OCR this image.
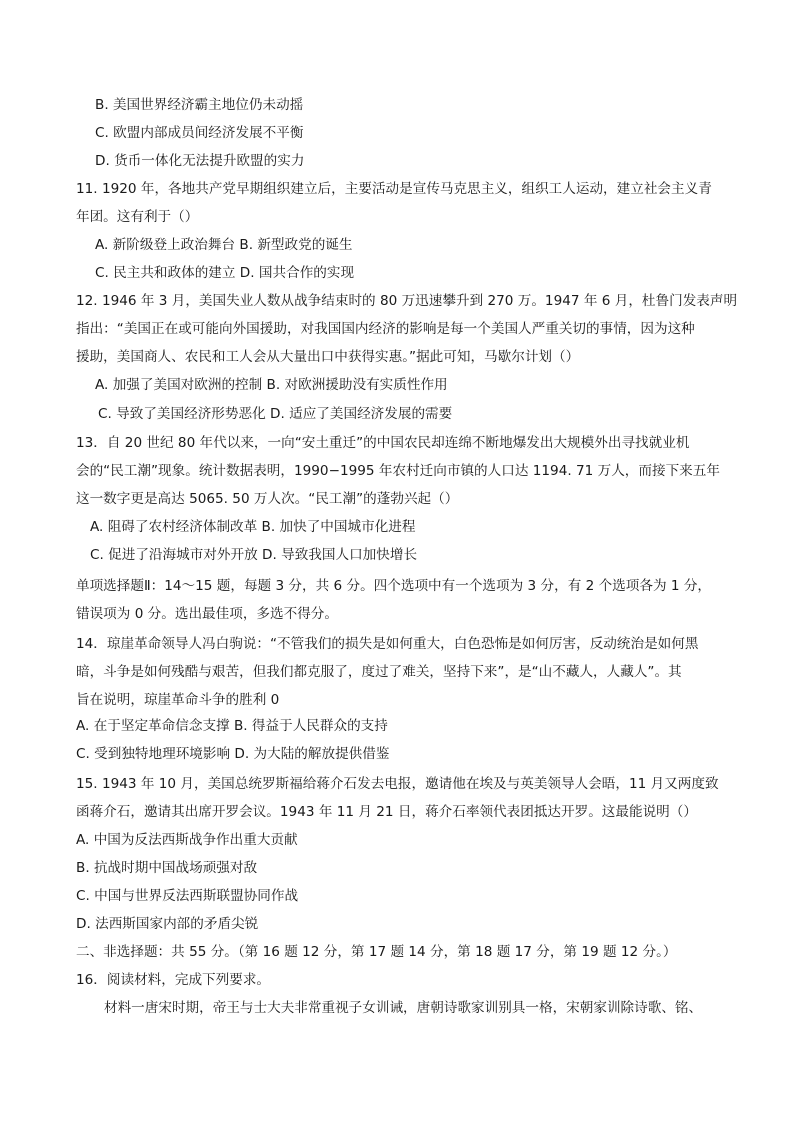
B. 美国世界经济霸主地位仍未动摇
C. 欧盟内部成员间经济发展不平衡
D. 货币一体化无法提升欧盟的实力
11. 1920 年，各地共产党早期组织建立后，主要活动是宣传马克思主义，组织工人运动，建立社会主义青
年团。这有利于（）
A. 新阶级登上政治舞台 B. 新型政党的诞生
C. 民主共和政体的建立 D. 国共合作的实现
12. 1946 年 3 月，美国失业人数从战争结束时的 80 万迅速攀升到 270 万。1947 年 6 月，杜鲁门发表声明
指出：“美国正在或可能向外国援助，对我国国内经济的影响是每一个美国人严重关切的事情，因为这种
援助，美国商人、农民和工人会从大量出口中获得实惠。”据此可知，马歇尔计划（）
A. 加强了美国对欧洲的控制 B. 对欧洲援助没有实质性作用
C. 导致了美国经济形势恶化 D. 适应了美国经济发展的需要
13．自 20 世纪 80 年代以来，一向“安土重迁”的中国农民却连绵不断地爆发出大规模外出寻找就业机
会的“民工潮”现象。统计数据表明，1990−1995 年农村迁向市镇的人口达 1194. 71 万人，而接下来五年
这一数字更是高达 5065. 50 万人次。“民工潮”的蓬勃兴起（）
A. 阻碍了农村经济体制改革 B. 加快了中国城市化进程
C. 促进了沿海城市对外开放 D. 导致我国人口加快增长
单项选择题Ⅱ：14～15 题，每题 3 分，共 6 分。四个选项中有一个选项为 3 分，有 2 个选项各为 1 分，
错误项为 0 分。选出最佳项，多选不得分。
14．琼崖革命领导人冯白驹说：“不管我们的损失是如何重大，白色恐怖是如何厉害，反动统治是如何黑
暗，斗争是如何残酷与艰苦，但我们都克服了，度过了难关，坚持下来”，是“山不藏人，人藏人”。其
旨在说明，琼崖革命斗争的胜利 0
A. 在于坚定革命信念支撑 B. 得益于人民群众的支持
C. 受到独特地理环境影响 D. 为大陆的解放提供借鉴
15. 1943 年 10 月，美国总统罗斯福给蒋介石发去电报，邀请他在埃及与英美领导人会晤，11 月又两度致
函蒋介石，邀请其出席开罗会议。1943 年 11 月 21 日，蒋介石率领代表团抵达开罗。这最能说明（）
A. 中国为反法西斯战争作出重大贡献
B. 抗战时期中国战场顽强对敌
C. 中国与世界反法西斯联盟协同作战
D. 法西斯国家内部的矛盾尖锐
二、非选择题：共 55 分。（第 16 题 12 分，第 17 题 14 分，第 18 题 17 分，第 19 题 12 分。）
16．阅读材料，完成下列要求。
材料一唐宋时期，帝王与士大夫非常重视子女训诫，唐朝诗歌家训别具一格，宋朝家训除诗歌、铭、
